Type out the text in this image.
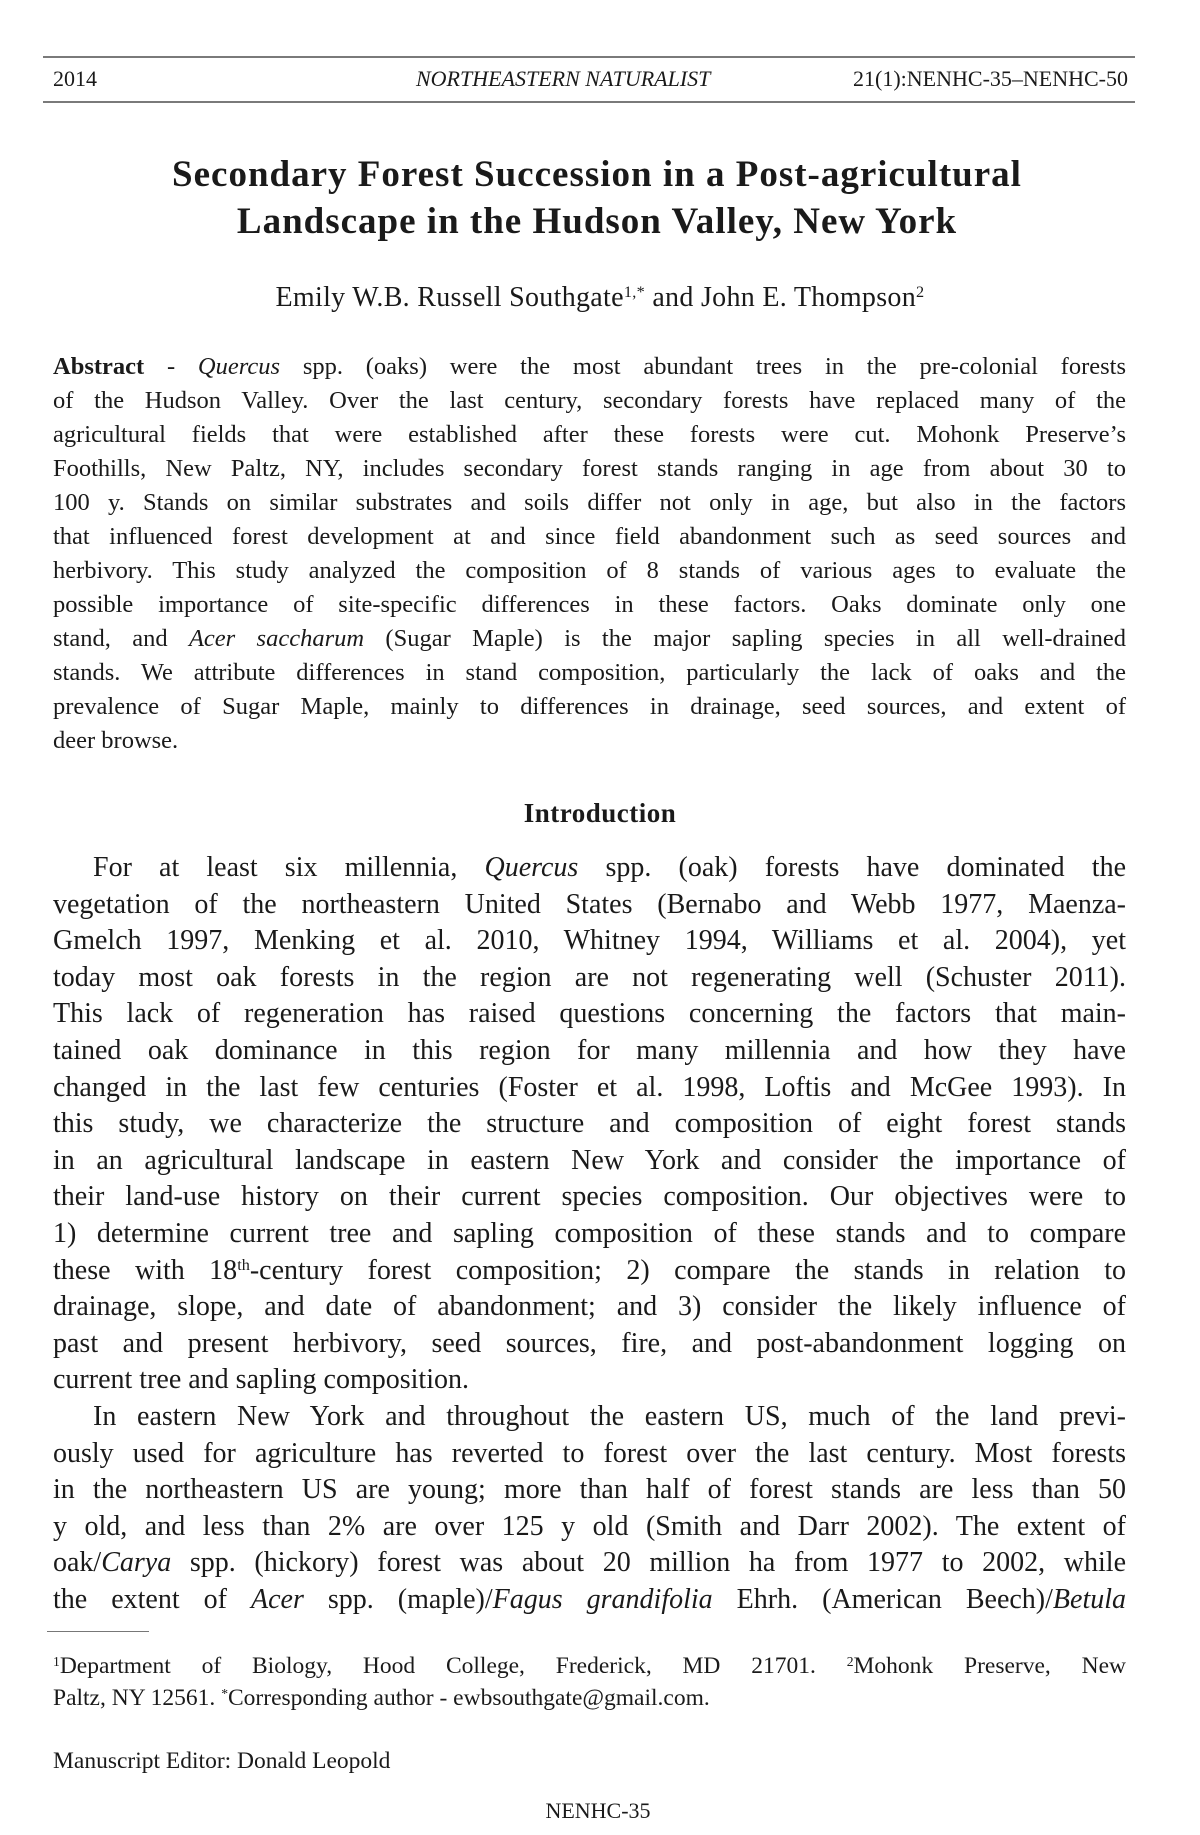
2014	NORTHEASTERN NATURALIST	21(1):NENHC-35–NENHC-50
Secondary Forest Succession in a Post-agricultural
Landscape in the Hudson Valley, New York
Emily W.B. Russell Southgate$^{1,*}$ and John E. Thompson$^2$
Abstract - Quercus spp. (oaks) were the most abundant trees in the pre-colonial forests
of the Hudson Valley. Over the last century, secondary forests have replaced many of the
agricultural fields that were established after these forests were cut. Mohonk Preserve’s
Foothills, New Paltz, NY, includes secondary forest stands ranging in age from about 30 to
100 y. Stands on similar substrates and soils differ not only in age, but also in the factors
that influenced forest development at and since field abandonment such as seed sources and
herbivory. This study analyzed the composition of 8 stands of various ages to evaluate the
possible importance of site-specific differences in these factors. Oaks dominate only one
stand, and Acer saccharum (Sugar Maple) is the major sapling species in all well-drained
stands. We attribute differences in stand composition, particularly the lack of oaks and the
prevalence of Sugar Maple, mainly to differences in drainage, seed sources, and extent of
deer browse.
Introduction
For at least six millennia, Quercus spp. (oak) forests have dominated the
vegetation of the northeastern United States (Bernabo and Webb 1977, Maenza-
Gmelch 1997, Menking et al. 2010, Whitney 1994, Williams et al. 2004), yet
today most oak forests in the region are not regenerating well (Schuster 2011).
This lack of regeneration has raised questions concerning the factors that main-
tained oak dominance in this region for many millennia and how they have
changed in the last few centuries (Foster et al. 1998, Loftis and McGee 1993). In
this study, we characterize the structure and composition of eight forest stands
in an agricultural landscape in eastern New York and consider the importance of
their land-use history on their current species composition. Our objectives were to
1) determine current tree and sapling composition of these stands and to compare
these with 18th-century forest composition; 2) compare the stands in relation to
drainage, slope, and date of abandonment; and 3) consider the likely influence of
past and present herbivory, seed sources, fire, and post-abandonment logging on
current tree and sapling composition.
In eastern New York and throughout the eastern US, much of the land previ-
ously used for agriculture has reverted to forest over the last century. Most forests
in the northeastern US are young; more than half of forest stands are less than 50
y old, and less than 2% are over 125 y old (Smith and Darr 2002). The extent of
oak/Carya spp. (hickory) forest was about 20 million ha from 1977 to 2002, while
the extent of Acer spp. (maple)/Fagus grandifolia Ehrh. (American Beech)/Betula
$^1$Department of Biology, Hood College, Frederick, MD 21701. $^2$Mohonk Preserve, New
Paltz, NY 12561. *Corresponding author - ewbsouthgate@gmail.com.
Manuscript Editor: Donald Leopold
NENHC-35
